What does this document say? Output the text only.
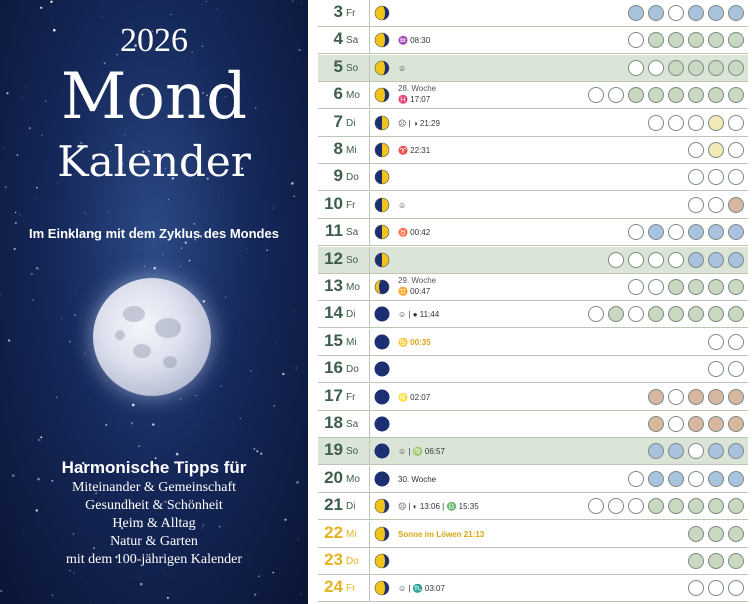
2026
Mond
Kalender
Im Einklang mit dem Zyklus des Mondes
Harmonische Tipps für
Miteinander & Gemeinschaft
Gesundheit & Schönheit
Heim & Alltag
Natur & Garten
mit dem 100-jährigen Kalender
3 Fr
4 Sa	♒ 08:30
5 So	☺
6 Mo
28. Woche
♓ 17:07
7 Di	☹ | ◑ 21:29
8 Mi	♈ 22:31
9 Do
10 Fr	☺
11 Sa	♉ 00:42
12 So
13 Mo
29. Woche
♊ 00:47
14 Di	☺ | ● 11:44
15 Mi	♋ 00:35
16 Do
17 Fr	♌ 02:07
18 Sa
19 So	☺ | ♍ 06:57
20 Mo	30. Woche
21 Di	☹ | ◐ 13:06 | ♎ 15:35
22 Mi	Sonne im Löwen 21:13
23 Do
24 Fr	☺ | ♏ 03:07
